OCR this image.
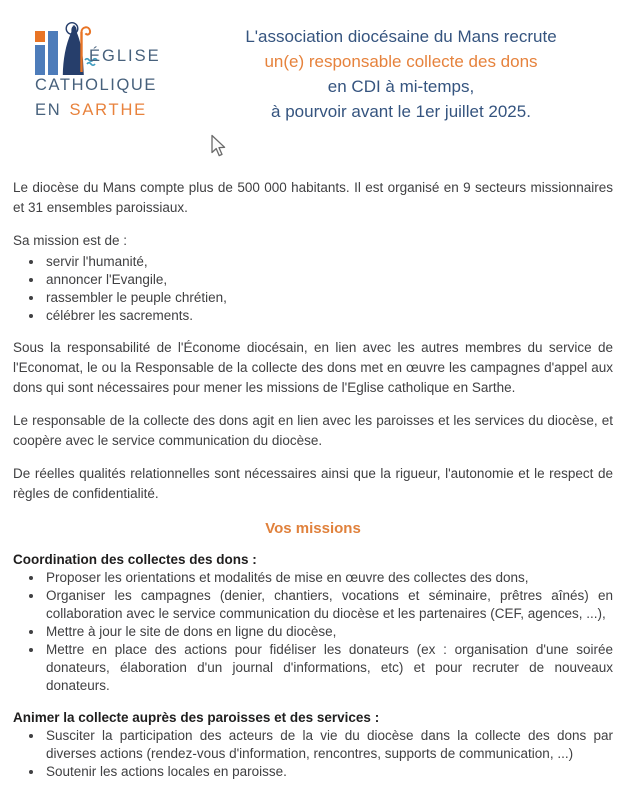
ÉGLISE
CATHOLIQUE
EN SARTHE
L'association diocésaine du Mans recrute
un(e) responsable collecte des dons
en CDI à mi-temps,
à pourvoir avant le 1er juillet 2025.

Le diocèse du Mans compte plus de 500 000 habitants. Il est organisé en 9 secteurs missionnaires et 31 ensembles paroissiaux.

Sa mission est de :

• servir l'humanité,
• annoncer l'Evangile,
• rassembler le peuple chrétien,
• célébrer les sacrements.

Sous la responsabilité de l'Économe diocésain, en lien avec les autres membres du service de l'Economat, le ou la Responsable de la collecte des dons met en œuvre les campagnes d'appel aux dons qui sont nécessaires pour mener les missions de l'Eglise catholique en Sarthe.

Le responsable de la collecte des dons agit en lien avec les paroisses et les services du diocèse, et coopère avec le service communication du diocèse.

De réelles qualités relationnelles sont nécessaires ainsi que la rigueur, l'autonomie et le respect de règles de confidentialité.

Vos missions
Coordination des collectes des dons :
• Proposer les orientations et modalités de mise en œuvre des collectes des dons,
• Organiser les campagnes (denier, chantiers, vocations et séminaire, prêtres aînés) en collaboration avec le service communication du diocèse et les partenaires (CEF, agences, ...),
• Mettre à jour le site de dons en ligne du diocèse,
• Mettre en place des actions pour fidéliser les donateurs (ex : organisation d'une soirée donateurs, élaboration d'un journal d'informations, etc) et pour recruter de nouveaux donateurs.
Animer la collecte auprès des paroisses et des services :
• Susciter la participation des acteurs de la vie du diocèse dans la collecte des dons par diverses actions (rendez-vous d'information, rencontres, supports de communication, ...)
• Soutenir les actions locales en paroisse.
